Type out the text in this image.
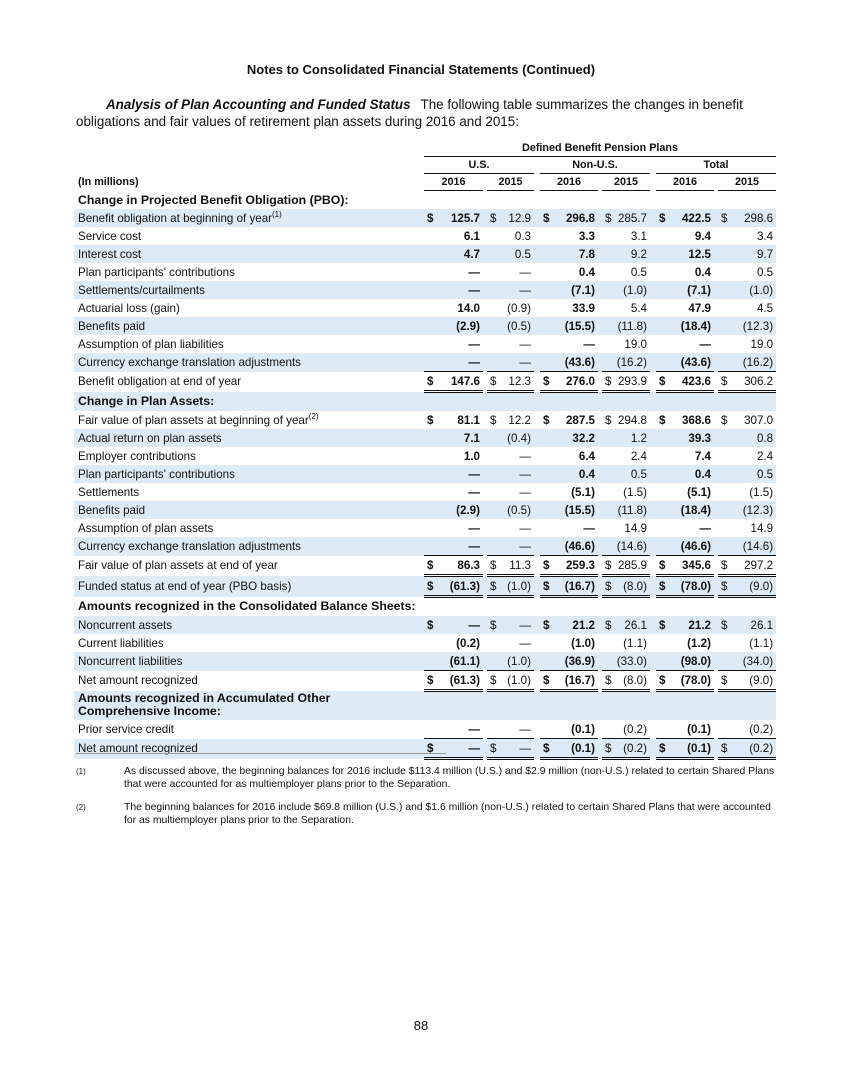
Notes to Consolidated Financial Statements (Continued)
Analysis of Plan Accounting and Funded Status The following table summarizes the changes in benefit obligations and fair values of retirement plan assets during 2016 and 2015:
	Defined Benefit Pension Plans																
	U.S.						Non-U.S.						Total				
(In millions)	2016			2015			2016			2015			2016			2015	
Change in Projected Benefit Obligation (PBO):																	
Benefit obligation at beginning of year$^{(1)}$	$	125.7		$	12.9		$	296.8		$	285.7		$	422.5		$	298.6
Service cost		6.1			0.3			3.3			3.1			9.4			3.4
Interest cost		4.7			0.5			7.8			9.2			12.5			9.7
Plan participants' contributions		—			—			0.4			0.5			0.4			0.5
Settlements/curtailments		—			—			(7.1)			(1.0)			(7.1)			(1.0)
Actuarial loss (gain)		14.0			(0.9)			33.9			5.4			47.9			4.5
Benefits paid		(2.9)			(0.5)			(15.5)			(11.8)			(18.4)			(12.3)
Assumption of plan liabilities		—			—			—			19.0			—			19.0
Currency exchange translation adjustments		—			—			(43.6)			(16.2)			(43.6)			(16.2)
Benefit obligation at end of year	$	147.6		$	12.3		$	276.0		$	293.9		$	423.6		$	306.2
Change in Plan Assets:																	
Fair value of plan assets at beginning of year$^{(2)}$	$	81.1		$	12.2		$	287.5		$	294.8		$	368.6		$	307.0
Actual return on plan assets		7.1			(0.4)			32.2			1.2			39.3			0.8
Employer contributions		1.0			—			6.4			2.4			7.4			2.4
Plan participants' contributions		—			—			0.4			0.5			0.4			0.5
Settlements		—			—			(5.1)			(1.5)			(5.1)			(1.5)
Benefits paid		(2.9)			(0.5)			(15.5)			(11.8)			(18.4)			(12.3)
Assumption of plan assets		—			—			—			14.9			—			14.9
Currency exchange translation adjustments		—			—			(46.6)			(14.6)			(46.6)			(14.6)
Fair value of plan assets at end of year	$	86.3		$	11.3		$	259.3		$	285.9		$	345.6		$	297.2
Funded status at end of year (PBO basis)	$	(61.3)		$	(1.0)		$	(16.7)		$	(8.0)		$	(78.0)		$	(9.0)
Amounts recognized in the Consolidated Balance Sheets:																	
Noncurrent assets	$	—		$	—		$	21.2		$	26.1		$	21.2		$	26.1
Current liabilities		(0.2)			—			(1.0)			(1.1)			(1.2)			(1.1)
Noncurrent liabilities		(61.1)			(1.0)			(36.9)			(33.0)			(98.0)			(34.0)
Net amount recognized	$	(61.3)		$	(1.0)		$	(16.7)		$	(8.0)		$	(78.0)		$	(9.0)

Amounts recognized in Accumulated Other Comprehensive Income:																	

Prior service credit		—			—			(0.1)			(0.2)			(0.1)			(0.2)
Net amount recognized	$	—		$	—		$	(0.1)		$	(0.2)		$	(0.1)		$	(0.2)
(1)	As discussed above, the beginning balances for 2016 include $113.4 million (U.S.) and $2.9 million (non-U.S.) related to certain Shared Plans that were accounted for as multiemployer plans prior to the Separation.
(2)	The beginning balances for 2016 include $69.8 million (U.S.) and $1.6 million (non-U.S.) related to certain Shared Plans that were accounted for as multiemployer plans prior to the Separation.
88
